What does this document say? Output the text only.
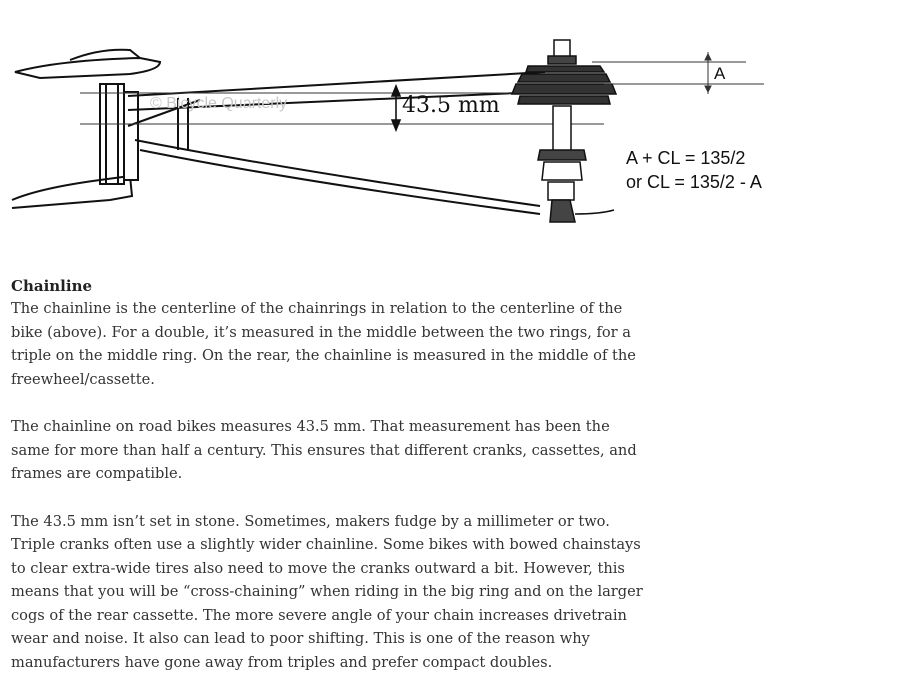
43.5 mm
© Bicycle Quarterly
A
A + CL = 135/2
or CL = 135/2 - A

Chainline

The chainline is the centerline of the chainrings in relation to the centerline of the bike (above). For a double, it’s measured in the middle between the two rings, for a triple on the middle ring. On the rear, the chainline is measured in the middle of the freewheel/cassette.

The chainline on road bikes measures 43.5 mm. That measurement has been the same for more than half a century. This ensures that different cranks, cassettes, and frames are compatible.

The 43.5 mm isn’t set in stone. Sometimes, makers fudge by a millimeter or two. Triple cranks often use a slightly wider chainline. Some bikes with bowed chainstays to clear extra-wide tires also need to move the cranks outward a bit. However, this means that you will be “cross-chaining” when riding in the big ring and on the larger cogs of the rear cassette. The more severe angle of your chain increases drivetrain wear and noise. It also can lead to poor shifting. This is one of the reason why manufacturers have gone away from triples and prefer compact doubles.
